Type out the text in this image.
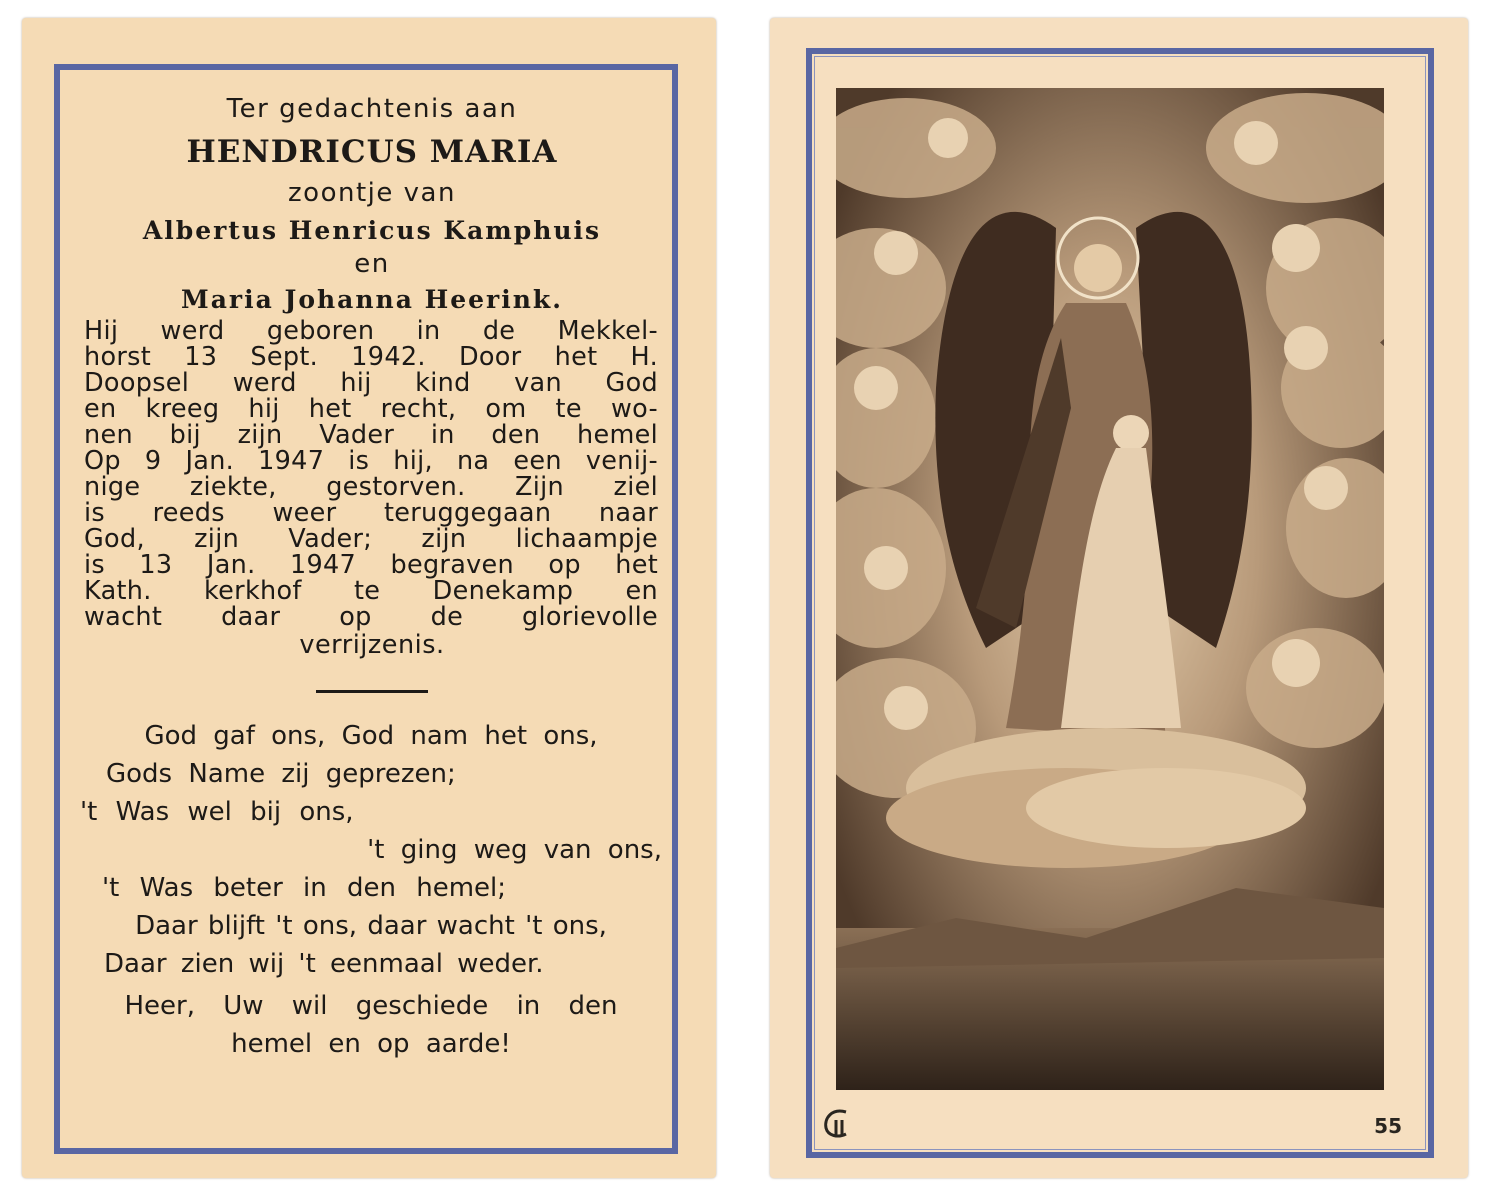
Ter gedachtenis aan
HENDRICUS MARIA
zoontje van
Albertus Henricus Kamphuis
en
Maria Johanna Heerink.
Hij werd geboren in de Mekkel-
horst 13 Sept. 1942. Door het H.
Doopsel werd hij kind van God
en kreeg hij het recht, om te wo-
nen bij zijn Vader in den hemel
Op 9 Jan. 1947 is hij, na een venij-
nige ziekte, gestorven. Zijn ziel
is reeds weer teruggegaan naar
God, zijn Vader; zijn lichaampje
is 13 Jan. 1947 begraven op het
Kath. kerkhof te Denekamp en
wacht daar op de glorievolle
verrijzenis.
God gaf ons, God nam het ons,
Gods Name zij geprezen;
't Was wel bij ons,
't ging weg van ons,
't Was beter in den hemel;
Daar blijft 't ons, daar wacht 't ons,
Daar zien wij 't eenmaal weder.
Heer, Uw wil geschiede in den
hemel en op aarde!
55
